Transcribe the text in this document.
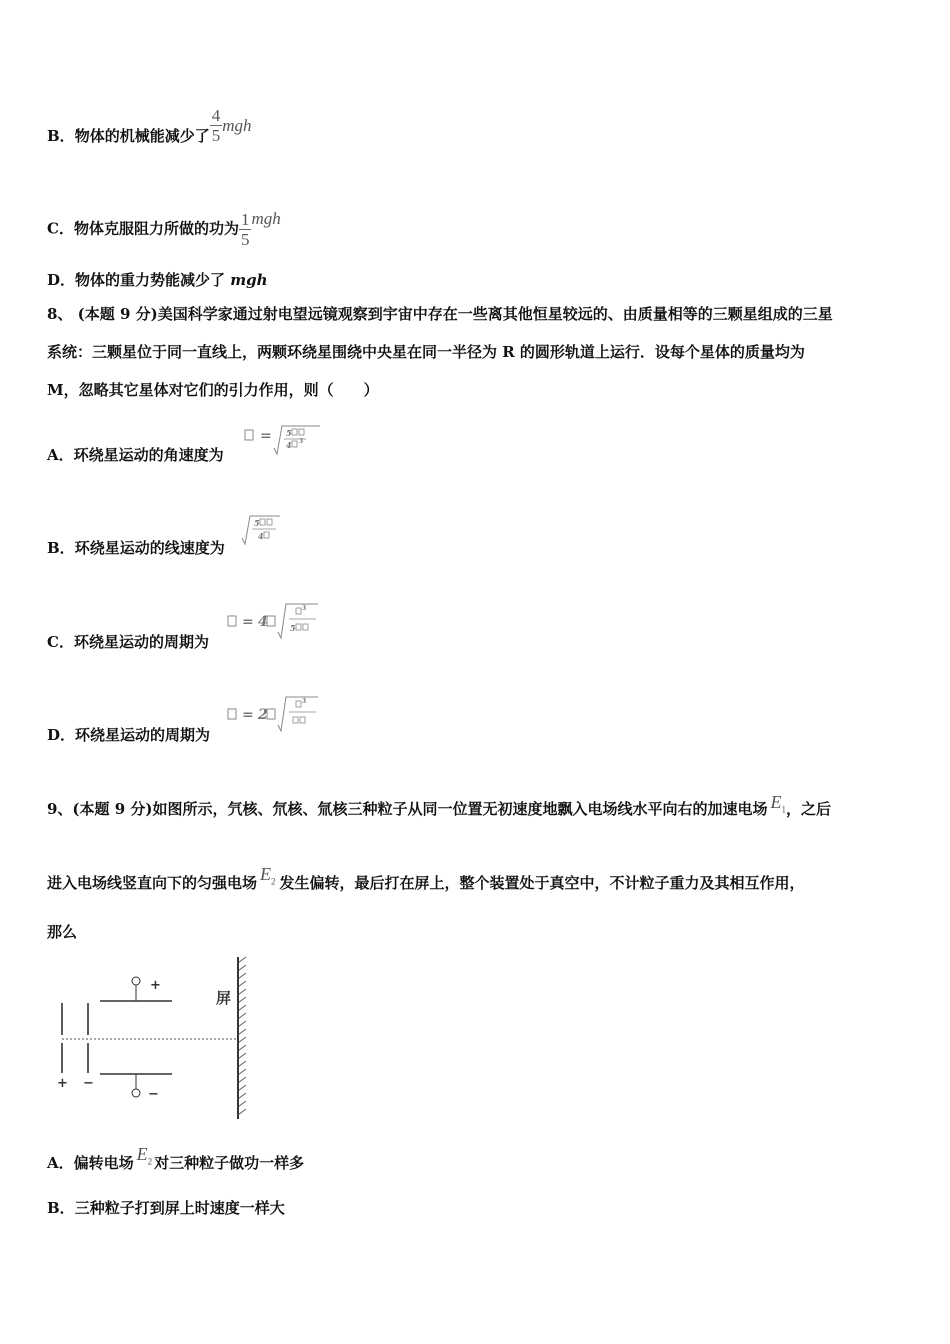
B．物体的机械能减少了 $\frac{4}{5}$ mgh
C．物体克服阻力所做的功为 $\frac{1}{5}$ mgh
D．物体的重力势能减少了 mgh
8、 (本题 9 分)美国科学家通过射电望远镜观察到宇宙中存在一些离其他恒星较远的、由质量相等的三颗星组成的三星
系统：三颗星位于同一直线上，两颗环绕星围绕中央星在同一半径为 R 的圆形轨道上运行．设每个星体的质量均为
M，忽略其它星体对它们的引力作用，则（　　）
A．环绕星运动的角速度为
= 5
4 3
B．环绕星运动的线速度为
5
4
C．环绕星运动的周期为
= 4
3
5
D．环绕星运动的周期为
= 2
3
9、(本题 9 分)如图所示，氕核、氘核、氚核三种粒子从同一位置无初速度地飘入电场线水平向右的加速电场 $E_1$，之后
进入电场线竖直向下的匀强电场 $E_2$ 发生偏转，最后打在屏上，整个装置处于真空中，不计粒子重力及其相互作用，
那么
+ −
+
−
屏
A．偏转电场 $E_2$ 对三种粒子做功一样多
B．三种粒子打到屏上时速度一样大
